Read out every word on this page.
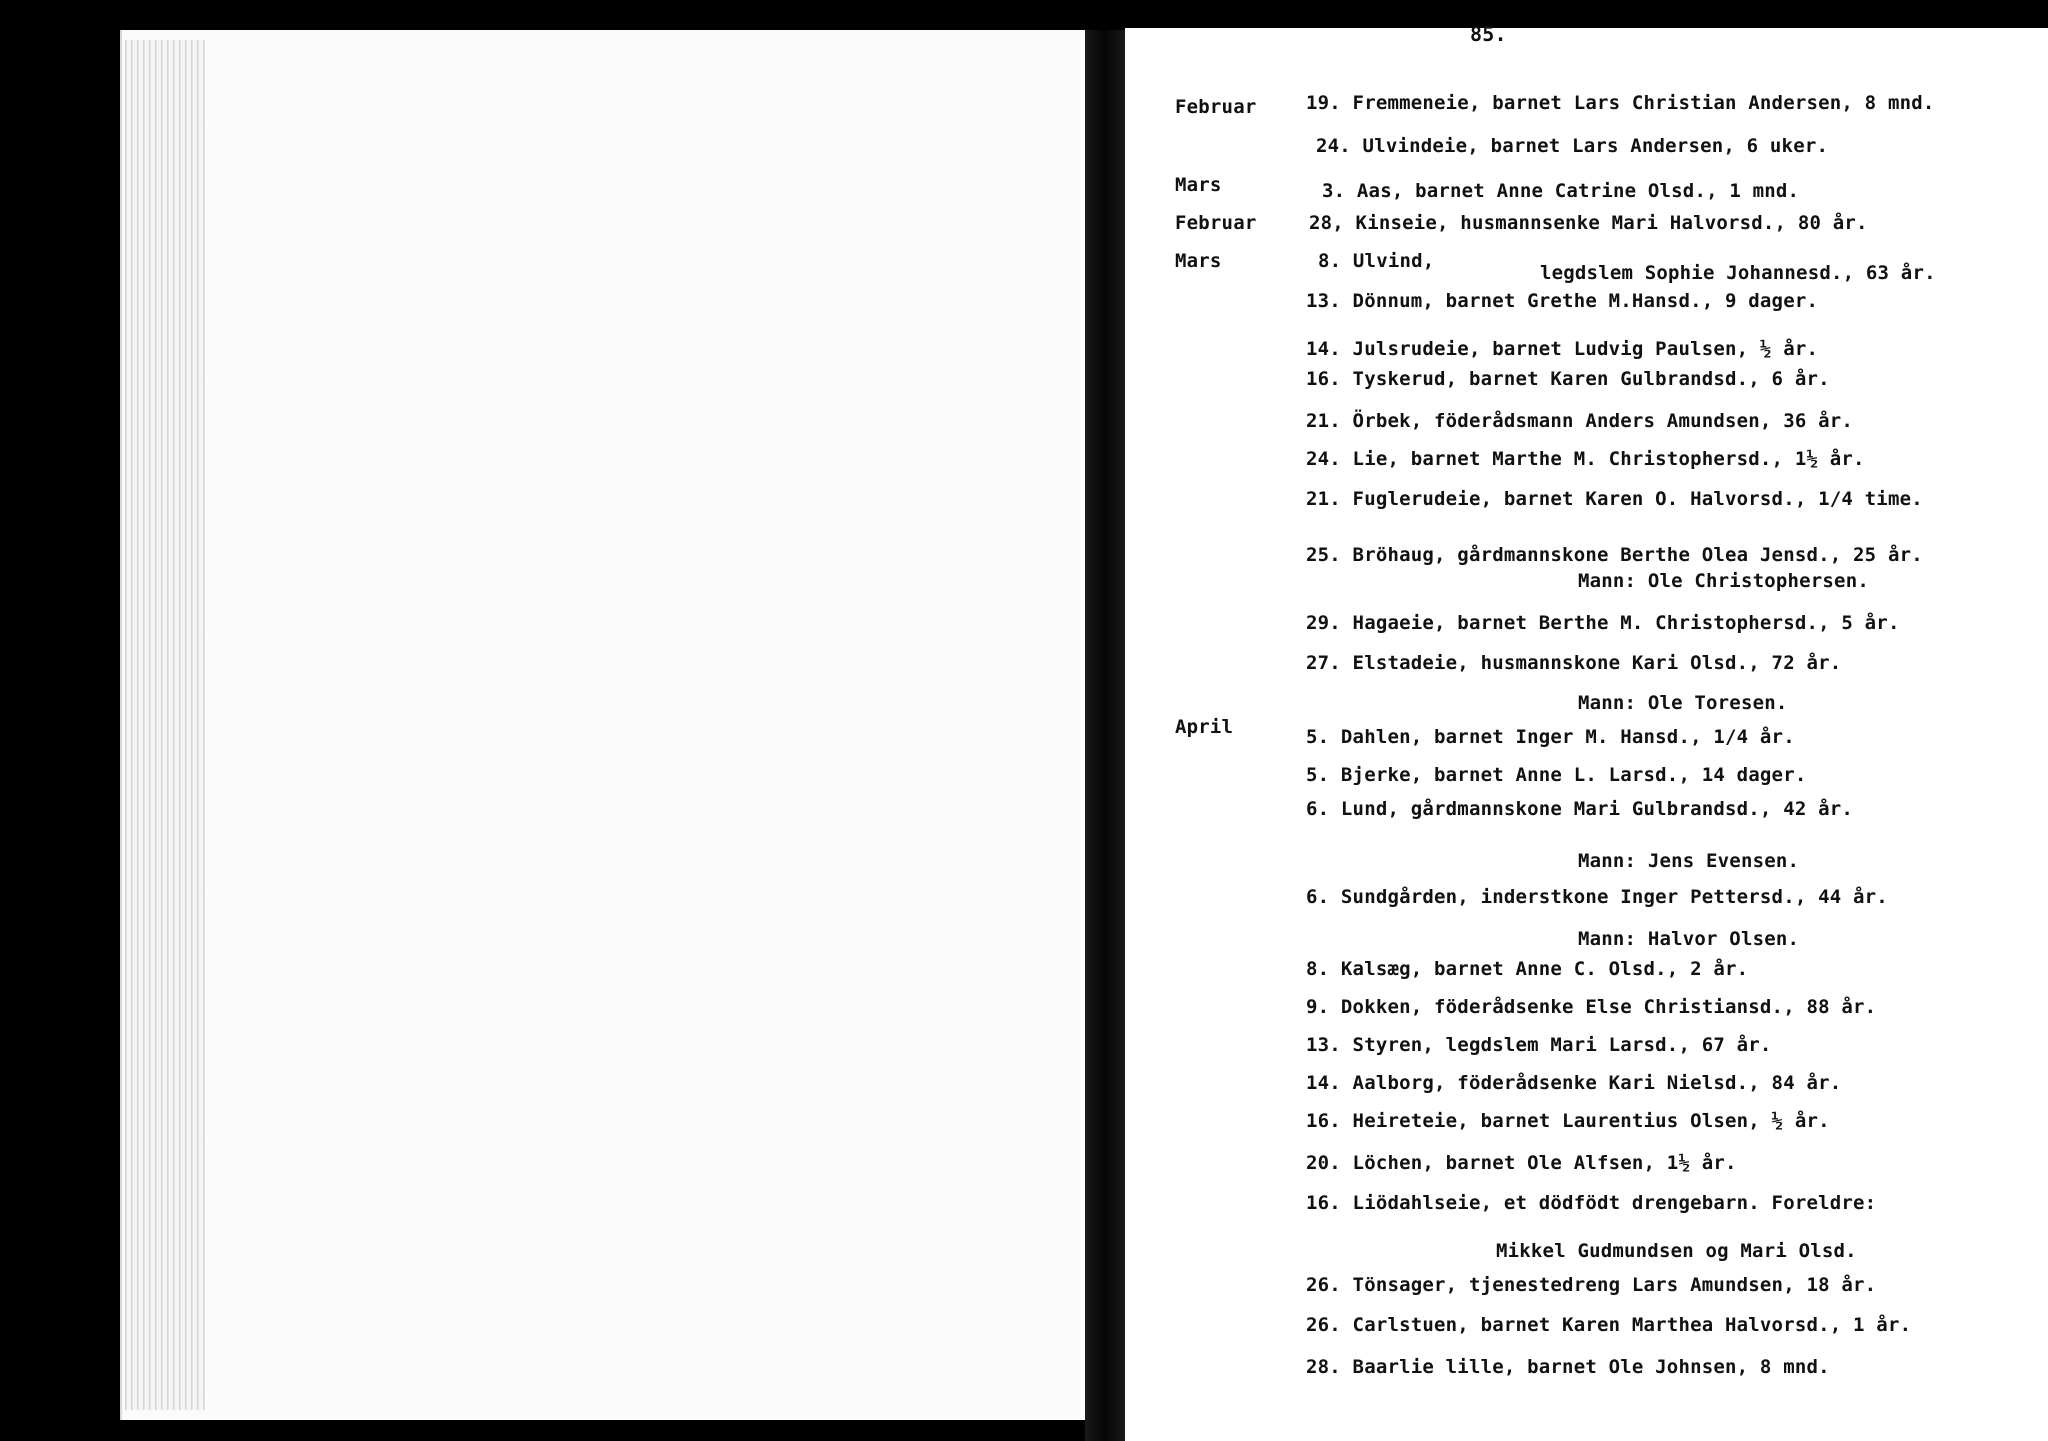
85.
Februar
Mars
Februar
Mars
April
19. Fremmeneie, barnet Lars Christian Andersen, 8 mnd.
24. Ulvindeie, barnet Lars Andersen, 6 uker.
3. Aas, barnet Anne Catrine Olsd., 1 mnd.
28, Kinseie, husmannsenke Mari Halvorsd., 80 år.
8. Ulvind,
legdslem Sophie Johannesd., 63 år.
13. Dönnum, barnet Grethe M.Hansd., 9 dager.
14. Julsrudeie, barnet Ludvig Paulsen, ½ år.
16. Tyskerud, barnet Karen Gulbrandsd., 6 år.
21. Örbek, föderådsmann Anders Amundsen, 36 år.
24. Lie, barnet Marthe M. Christophersd., 1½ år.
21. Fuglerudeie, barnet Karen O. Halvorsd., 1/4 time.
25. Bröhaug, gårdmannskone Berthe Olea Jensd., 25 år.
Mann: Ole Christophersen.
29. Hagaeie, barnet Berthe M. Christophersd., 5 år.
27. Elstadeie, husmannskone Kari Olsd., 72 år.
Mann: Ole Toresen.
5. Dahlen, barnet Inger M. Hansd., 1/4 år.
5. Bjerke, barnet Anne L. Larsd., 14 dager.
6. Lund, gårdmannskone Mari Gulbrandsd., 42 år.
Mann: Jens Evensen.
6. Sundgården, inderstkone Inger Pettersd., 44 år.
Mann: Halvor Olsen.
8. Kalsæg, barnet Anne C. Olsd., 2 år.
9. Dokken, föderådsenke Else Christiansd., 88 år.
13. Styren, legdslem Mari Larsd., 67 år.
14. Aalborg, föderådsenke Kari Nielsd., 84 år.
16. Heireteie, barnet Laurentius Olsen, ½ år.
20. Löchen, barnet Ole Alfsen, 1½ år.
16. Liödahlseie, et dödfödt drengebarn. Foreldre:
Mikkel Gudmundsen og Mari Olsd.
26. Tönsager, tjenestedreng Lars Amundsen, 18 år.
26. Carlstuen, barnet Karen Marthea Halvorsd., 1 år.
28. Baarlie lille, barnet Ole Johnsen, 8 mnd.
